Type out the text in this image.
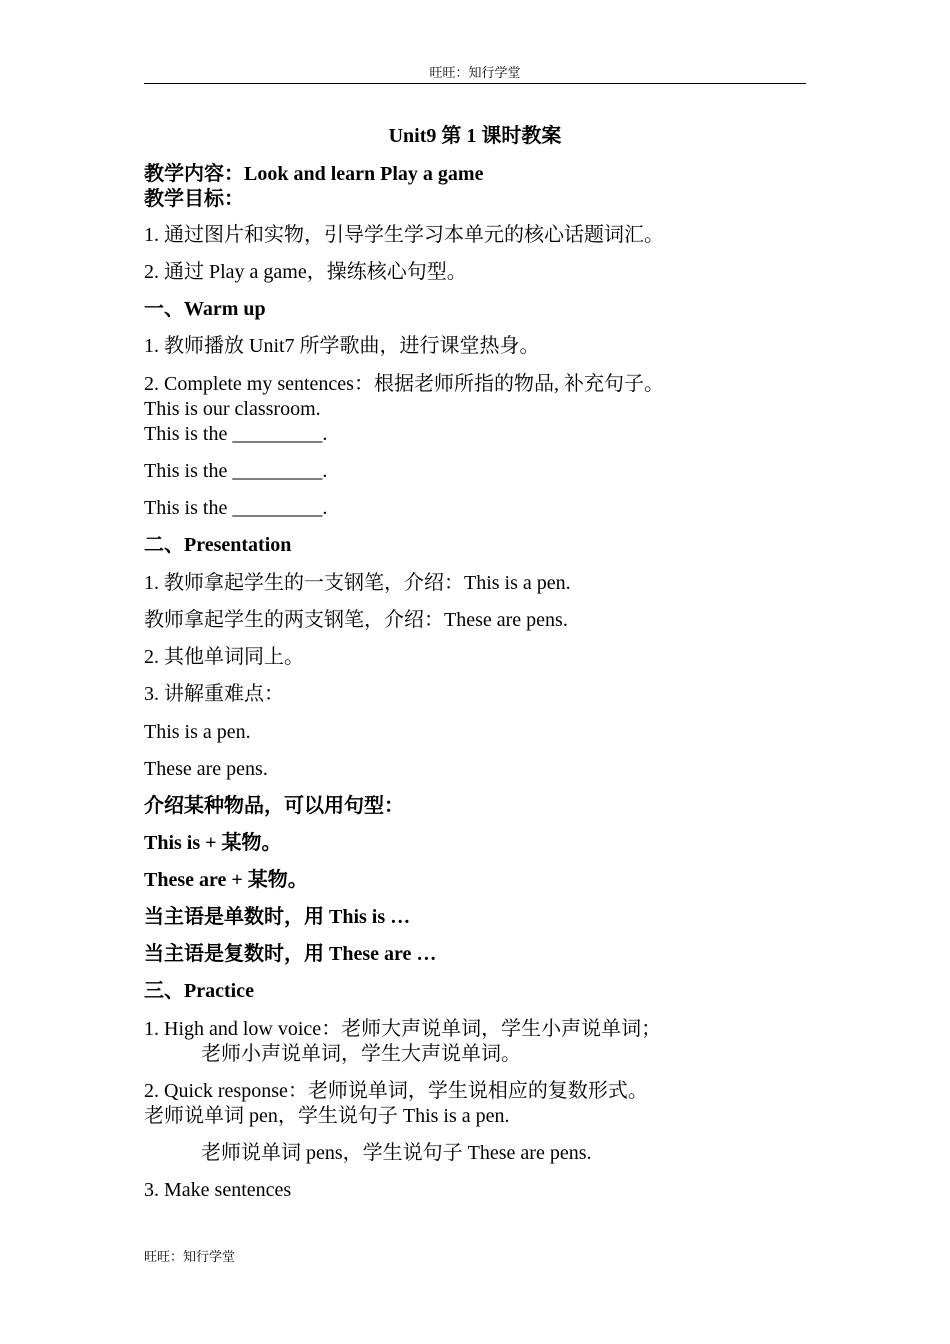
旺旺：知行学堂
Unit9 第 1 课时教案
教学内容：Look and learn Play a game
教学目标：
1. 通过图片和实物，引导学生学习本单元的核心话题词汇。
2. 通过 Play a game，操练核心句型。
一、Warm up
1. 教师播放 Unit7 所学歌曲，进行课堂热身。
2. Complete my sentences：根据老师所指的物品, 补充句子。
This is our classroom.
This is the _________.
This is the _________.
This is the _________.
二、Presentation
1. 教师拿起学生的一支钢笔，介绍：This is a pen.
教师拿起学生的两支钢笔，介绍：These are pens.
2. 其他单词同上。
3. 讲解重难点：
This is a pen.
These are pens.
介绍某种物品，可以用句型：
This is + 某物。
These are + 某物。
当主语是单数时，用 This is …
当主语是复数时，用 These are …
三、Practice
1. High and low voice：老师大声说单词，学生小声说单词；
老师小声说单词，学生大声说单词。
2. Quick response：老师说单词，学生说相应的复数形式。
老师说单词 pen，学生说句子 This is a pen.
老师说单词 pens，学生说句子 These are pens.
3. Make sentences
旺旺：知行学堂
